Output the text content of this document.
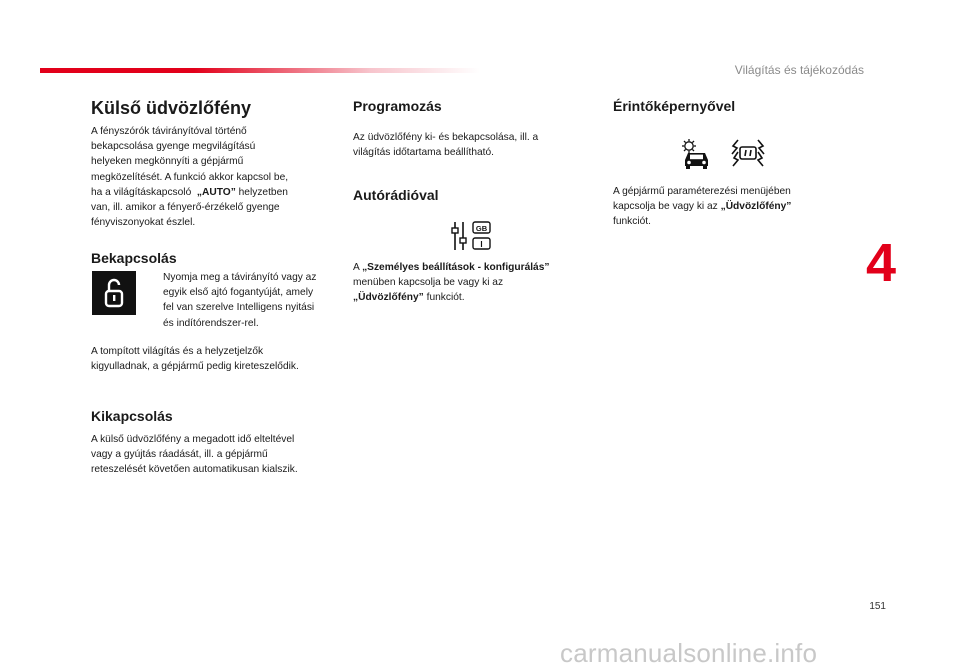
Világítás és tájékozódás
4
151
carmanualsonline.info
Külső üdvözlőfény
A fényszórók távirányítóval történő
bekapcsolása gyenge megvilágítású
helyeken megkönnyíti a gépjármű
megközelítését. A funkció akkor kapcsol be,
ha a világításkapcsoló „AUTO” helyzetben
van, ill. amikor a fényerő-érzékelő gyenge
fényviszonyokat észlel.
Bekapcsolás
Nyomja meg a távirányító vagy az
egyik első ajtó fogantyúját, amely
fel van szerelve Intelligens nyitási
és indítórendszer-rel.
A tompított világítás és a helyzetjelzők
kigyulladnak, a gépjármű pedig kireteszelődik.
Kikapcsolás
A külső üdvözlőfény a megadott idő elteltével
vagy a gyújtás ráadását, ill. a gépjármű
reteszelését követően automatikusan kialszik.
Programozás
Az üdvözlőfény ki- és bekapcsolása, ill. a
világítás időtartama beállítható.
Autórádióval
GB
I
A „Személyes beállítások - konfigurálás”
menüben kapcsolja be vagy ki az
„Üdvözlőfény” funkciót.
Érintőképernyővel
A gépjármű paraméterezési menüjében
kapcsolja be vagy ki az „Üdvözlőfény”
funkciót.
